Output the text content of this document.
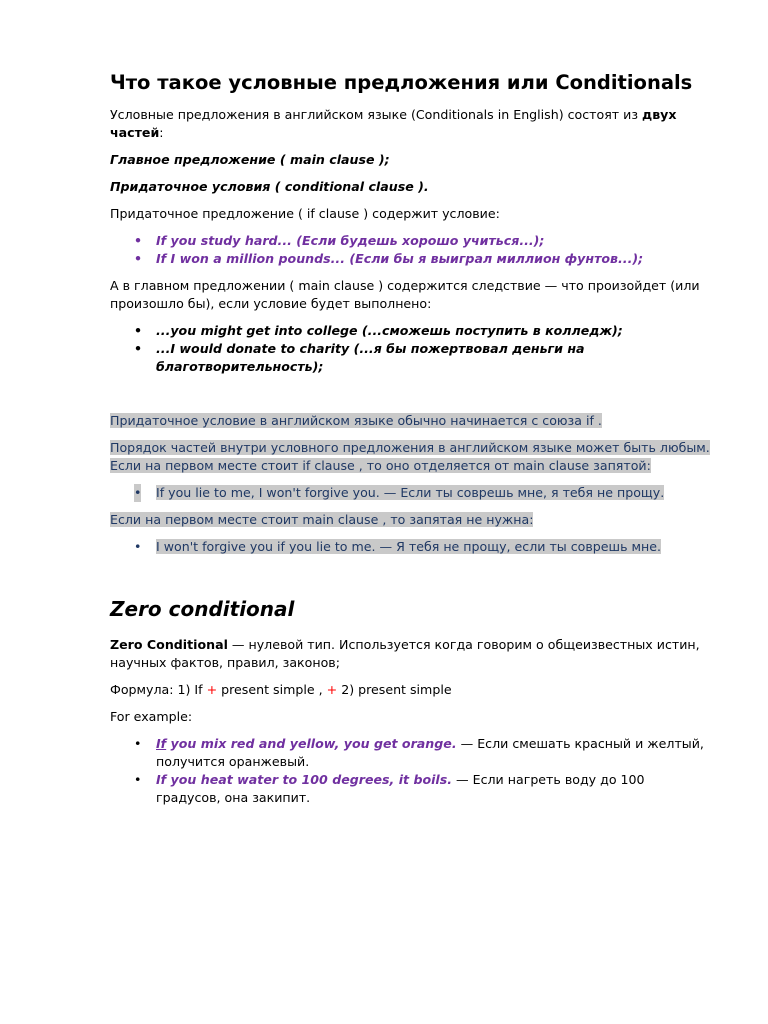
Что такое условные предложения или Conditionals

Условные предложения в английском языке (Conditionals in English) состоят из двух частей:

Главное предложение ( main clause );

Придаточное условия ( conditional clause ).

Придаточное предложение ( if clause ) содержит условие:

• If you study hard... (Если будешь хорошо учиться...);
• If I won a million pounds... (Если бы я выиграл миллион фунтов...);

А в главном предложении ( main clause ) содержится следствие — что произойдет (или произошло бы), если условие будет выполнено:

• ...you might get into college (...сможешь поступить в колледж);
• ...I would donate to charity (...я бы пожертвовал деньги на благотворительность);

Придаточное условие в английском языке обычно начинается с союза if .

Порядок частей внутри условного предложения в английском языке может быть любым. Если на первом месте стоит if clause , то оно отделяется от main clause запятой:

• If you lie to me, I won't forgive you. — Если ты соврешь мне, я тебя не прощу.

Если на первом месте стоит main clause , то запятая не нужна:

• I won't forgive you if you lie to me. — Я тебя не прощу, если ты соврешь мне.
Zero conditional

Zero Conditional — нулевой тип. Используется когда говорим о общеизвестных истин, научных фактов, правил, законов;

Формула: 1) If + present simple , + 2) present simple

For example:

• If you mix red and yellow, you get orange. — Если смешать красный и желтый, получится оранжевый.
• If you heat water to 100 degrees, it boils. — Если нагреть воду до 100 градусов, она закипит.
